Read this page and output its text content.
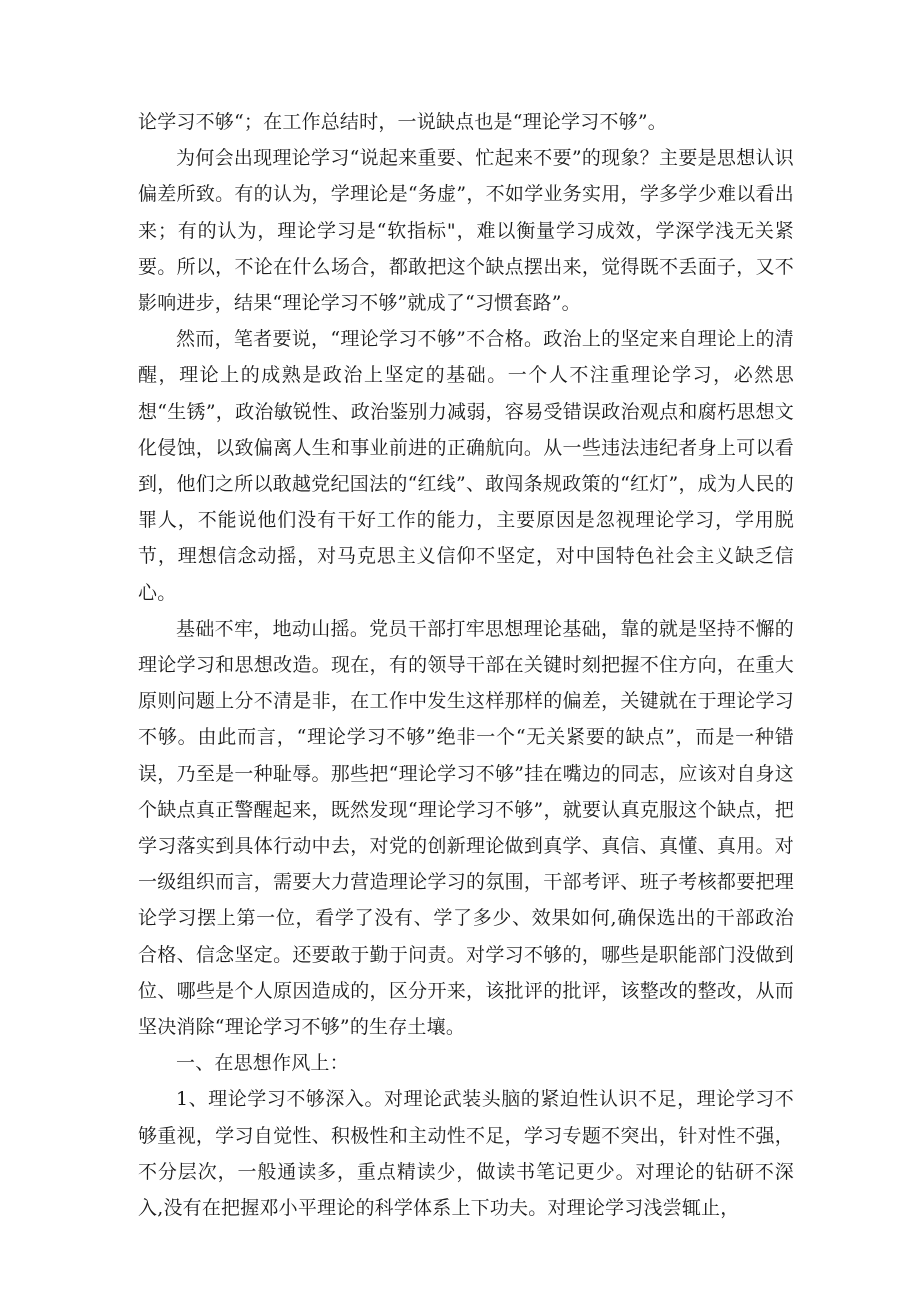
论学习不够“；在工作总结时，一说缺点也是“理论学习不够”。

为何会出现理论学习“说起来重要、忙起来不要”的现象？主要是思想认识偏差所致。有的认为，学理论是“务虚”，不如学业务实用，学多学少难以看出来；有的认为，理论学习是“软指标"，难以衡量学习成效，学深学浅无关紧要。所以，不论在什么场合，都敢把这个缺点摆出来，觉得既不丢面子，又不影响进步，结果“理论学习不够”就成了“习惯套路”。

然而，笔者要说，“理论学习不够”不合格。政治上的坚定来自理论上的清醒，理论上的成熟是政治上坚定的基础。一个人不注重理论学习，必然思想“生锈”，政治敏锐性、政治鉴别力减弱，容易受错误政治观点和腐朽思想文化侵蚀，以致偏离人生和事业前进的正确航向。从一些违法违纪者身上可以看到，他们之所以敢越党纪国法的“红线”、敢闯条规政策的“红灯”，成为人民的罪人，不能说他们没有干好工作的能力，主要原因是忽视理论学习，学用脱节，理想信念动摇，对马克思主义信仰不坚定，对中国特色社会主义缺乏信心。

基础不牢，地动山摇。党员干部打牢思想理论基础，靠的就是坚持不懈的理论学习和思想改造。现在，有的领导干部在关键时刻把握不住方向，在重大原则问题上分不清是非，在工作中发生这样那样的偏差，关键就在于理论学习不够。由此而言，“理论学习不够”绝非一个“无关紧要的缺点”，而是一种错误，乃至是一种耻辱。那些把“理论学习不够”挂在嘴边的同志，应该对自身这个缺点真正警醒起来，既然发现“理论学习不够”，就要认真克服这个缺点，把学习落实到具体行动中去，对党的创新理论做到真学、真信、真懂、真用。对一级组织而言，需要大力营造理论学习的氛围，干部考评、班子考核都要把理论学习摆上第一位，看学了没有、学了多少、效果如何,确保选出的干部政治合格、信念坚定。还要敢于勤于问责。对学习不够的，哪些是职能部门没做到位、哪些是个人原因造成的，区分开来，该批评的批评，该整改的整改，从而坚决消除“理论学习不够”的生存土壤。

一、在思想作风上：

1、理论学习不够深入。对理论武装头脑的紧迫性认识不足，理论学习不够重视，学习自觉性、积极性和主动性不足，学习专题不突出，针对性不强，不分层次，一般通读多，重点精读少，做读书笔记更少。对理论的钻研不深入,没有在把握邓小平理论的科学体系上下功夫。对理论学习浅尝辄止，
